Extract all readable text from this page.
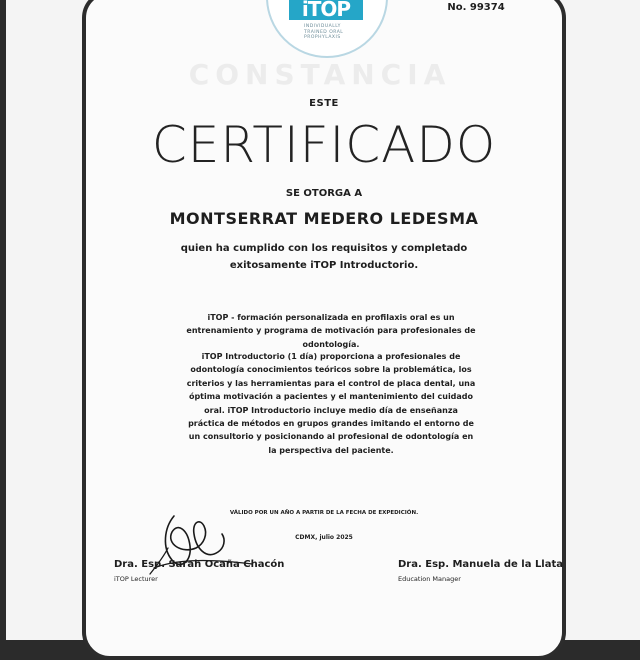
iTOP
INDIVIDUALLY TRAINED ORAL PROPHYLAXIS
No. 99374
CONSTANCIA
ESTE
CERTIFICADO
SE OTORGA A
MONTSERRAT MEDERO LEDESMA
quien ha cumplido con los requisitos y completado
exitosamente iTOP Introductorio.
iTOP - formación personalizada en profilaxis oral es un entrenamiento y programa de motivación para profesionales de odontología.
iTOP Introductorio (1 día) proporciona a profesionales de odontología conocimientos teóricos sobre la problemática, los criterios y las herramientas para el control de placa dental, una óptima motivación a pacientes y el mantenimiento del cuidado oral. iTOP Introductorio incluye medio día de enseñanza práctica de métodos en grupos grandes imitando el entorno de un consultorio y posicionando al profesional de odontología en la perspectiva del paciente.
VÁLIDO POR UN AÑO A PARTIR DE LA FECHA DE EXPEDICIÓN.
CDMX, julio 2025
Dra. Esp. Sarah Ocaña Chacón
iTOP Lecturer
Dra. Esp. Manuela de la Llata
Education Manager
